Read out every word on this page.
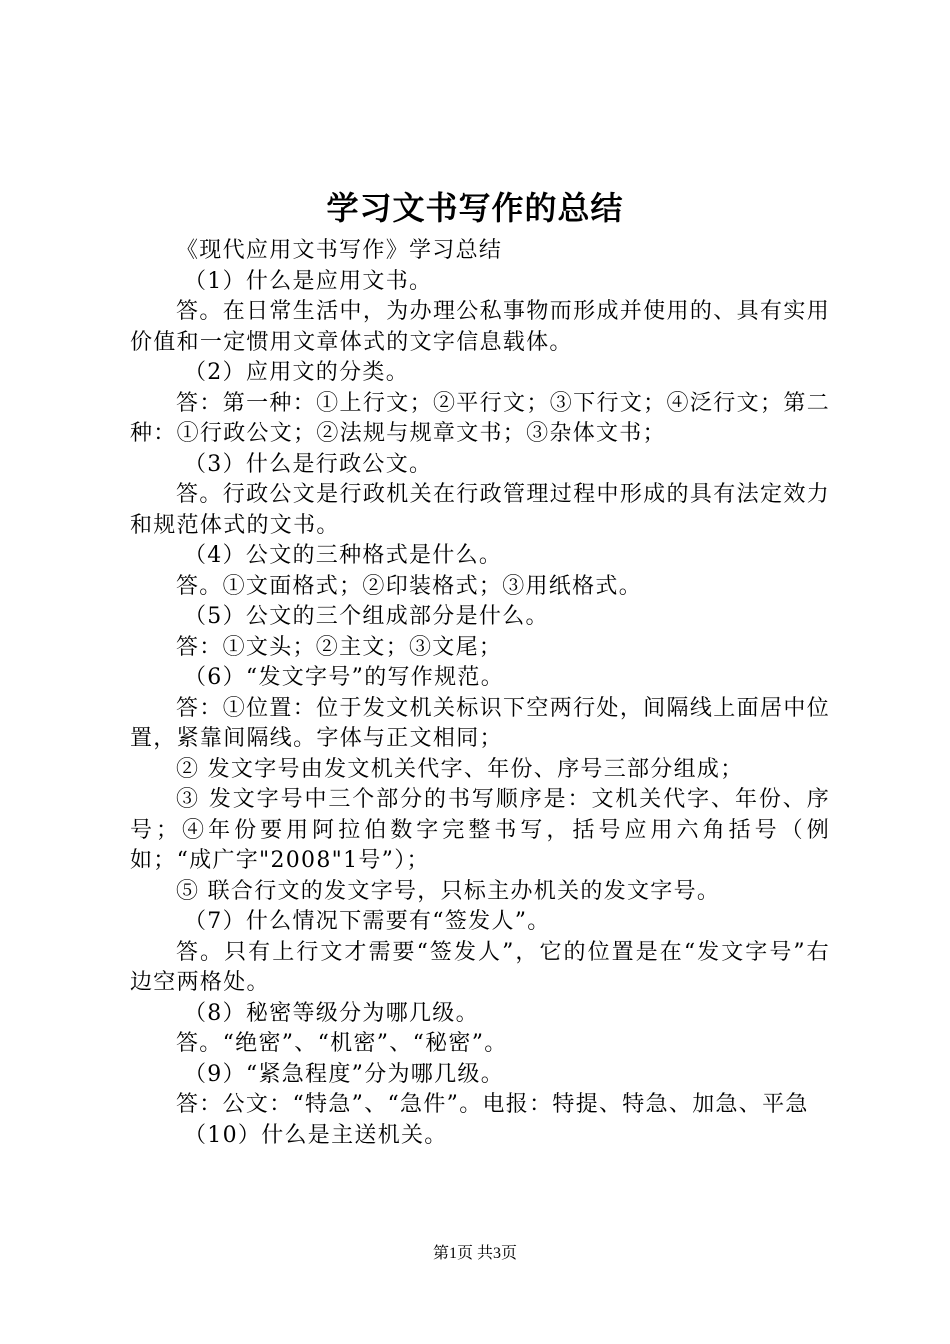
学习文书写作的总结

《现代应用文书写作》学习总结

（1）什么是应用文书。

答。在日常生活中，为办理公私事物而形成并使用的、具有实用价值和一定惯用文章体式的文字信息载体。

（2）应用文的分类。

答：第一种：①上行文；②平行文；③下行文；④泛行文；第二种：①行政公文；②法规与规章文书；③杂体文书；

（3）什么是行政公文。

答。行政公文是行政机关在行政管理过程中形成的具有法定效力和规范体式的文书。

（4）公文的三种格式是什么。

答。①文面格式；②印装格式；③用纸格式。

（5）公文的三个组成部分是什么。

答：①文头；②主文；③文尾；

（6）“发文字号”的写作规范。

答：①位置：位于发文机关标识下空两行处，间隔线上面居中位置，紧靠间隔线。字体与正文相同；

② 发文字号由发文机关代字、年份、序号三部分组成；

③ 发文字号中三个部分的书写顺序是：文机关代字、年份、序号；④年份要用阿拉伯数字完整书写，括号应用六角括号（例如；“成广字"2008"1号”）；

⑤ 联合行文的发文字号，只标主办机关的发文字号。

（7）什么情况下需要有“签发人”。

答。只有上行文才需要“签发人”，它的位置是在“发文字号”右边空两格处。

（8）秘密等级分为哪几级。

答。“绝密”、“机密”、“秘密”。

（9）“紧急程度”分为哪几级。

答：公文：“特急”、“急件”。电报：特提、特急、加急、平急

（10）什么是主送机关。

第1页 共3页
